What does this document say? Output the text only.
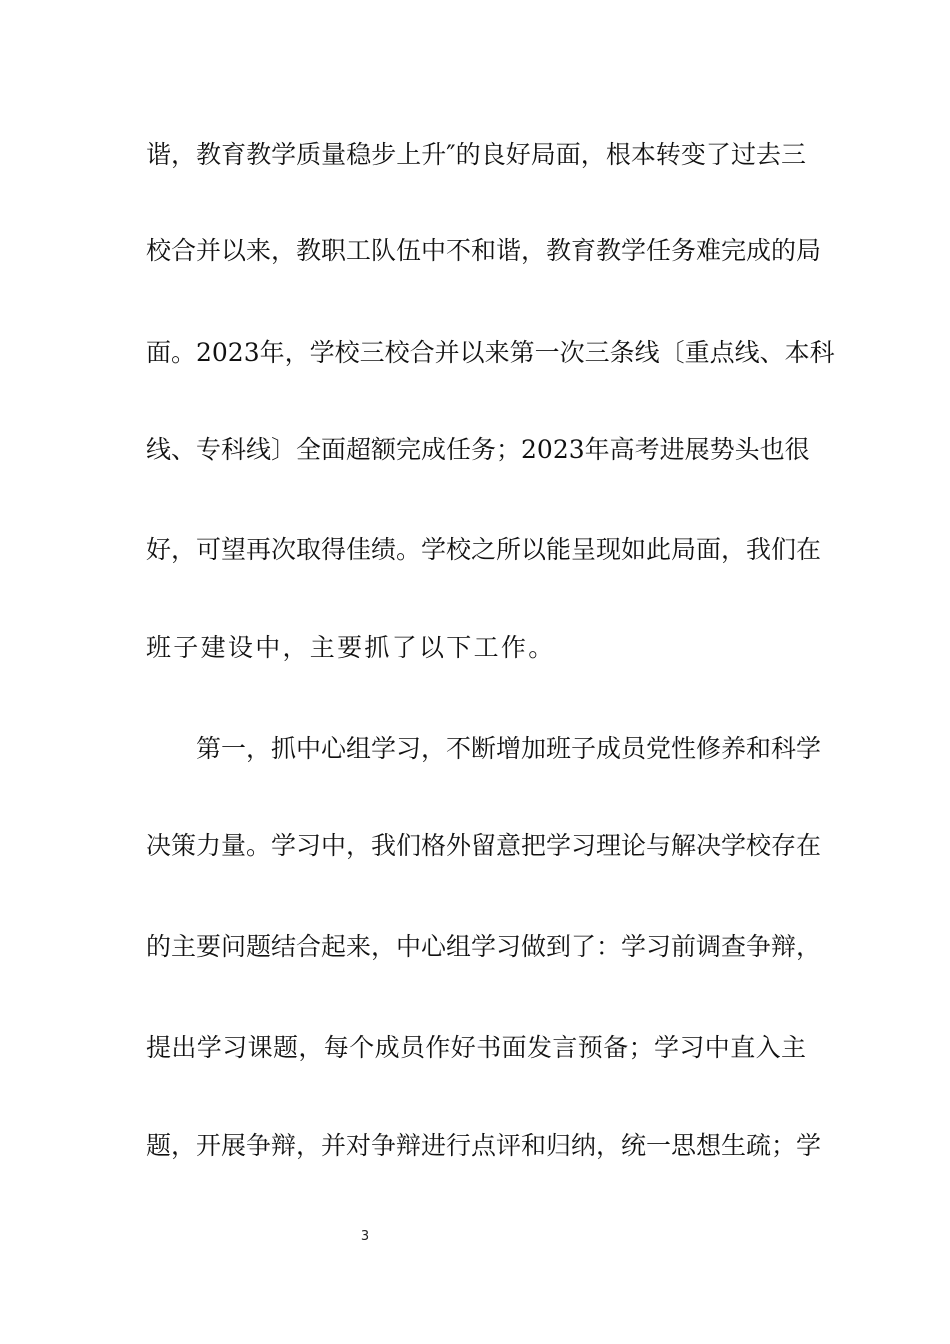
谐，教育教学质量稳步上升″的良好局面，根本转变了过去三
校合并以来，教职工队伍中不和谐，教育教学任务难完成的局
面。2023年，学校三校合并以来第一次三条线〔重点线、本科
线、专科线〕全面超额完成任务；2023年高考进展势头也很
好，可望再次取得佳绩。学校之所以能呈现如此局面，我们在
班子建设中，主要抓了以下工作。
第一，抓中心组学习，不断增加班子成员党性修养和科学
决策力量。学习中，我们格外留意把学习理论与解决学校存在
的主要问题结合起来，中心组学习做到了：学习前调查争辩，
提出学习课题，每个成员作好书面发言预备；学习中直入主
题，开展争辩，并对争辩进行点评和归纳，统一思想生疏；学
3
